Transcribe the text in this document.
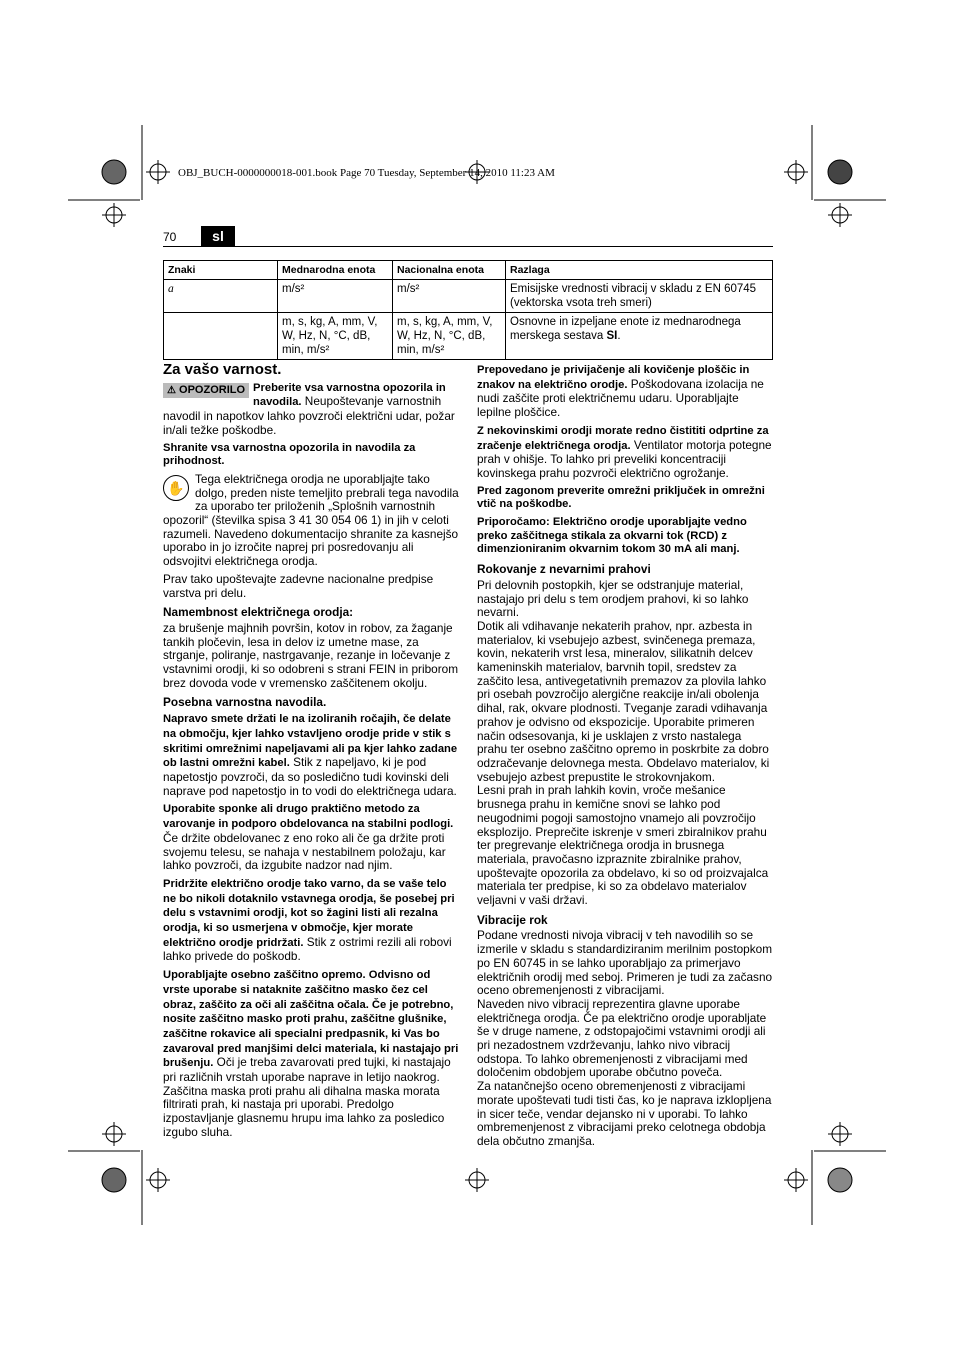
OBJ_BUCH-0000000018-001.book Page 70 Tuesday, September 14, 2010 11:23 AM
70	sl
Znaki	Mednarodna enota	Nacionalna enota	Razlaga
a	m/s²	m/s²	Emisijske vrednosti vibracij v skladu z EN 60745 (vektorska vsota treh smeri)
	m, s, kg, A, mm, V, W, Hz, N, °C, dB, min, m/s²	m, s, kg, A, mm, V, W, Hz, N, °C, dB, min, m/s²	Osnovne in izpeljane enote iz mednarodnega merskega sestava SI.
Za vašo varnost.

⚠ OPOZORILO Preberite vsa varnostna opozorila in navodila. Neupoštevanje varnostnih navodil in napotkov lahko povzroči električni udar, požar in/ali težke poškodbe.

Shranite vsa varnostna opozorila in navodila za prihodnost.

✋
Tega električnega orodja ne uporabljajte tako dolgo, preden niste temeljito prebrali tega navodila za uporabo ter priloženih „Splošnih varnostnih opozoril“ (številka spisa 3 41 30 054 06 1) in jih v celoti razumeli. Navedeno dokumentacijo shranite za kasnejšo uporabo in jo izročite naprej pri posredovanju ali odsvojitvi električnega orodja.

Prav tako upoštevajte zadevne nacionalne predpise varstva pri delu.

Namembnost električnega orodja:

za brušenje majhnih površin, kotov in robov, za žaganje tankih pločevin, lesa in delov iz umetne mase, za strganje, poliranje, nastrgavanje, rezanje in ločevanje z vstavnimi orodji, ki so odobreni s strani FEIN in priborom brez dovoda vode v vremensko zaščitenem okolju.

Posebna varnostna navodila.

Napravo smete držati le na izoliranih ročajih, če delate na območju, kjer lahko vstavljeno orodje pride v stik s skritimi omrežnimi napeljavami ali pa kjer lahko zadane ob lastni omrežni kabel. Stik z napeljavo, ki je pod napetostjo povzroči, da so posledično tudi kovinski deli naprave pod napetostjo in to vodi do električnega udara.

Uporabite sponke ali drugo praktično metodo za varovanje in podporo obdelovanca na stabilni podlogi. Če držite obdelovanec z eno roko ali če ga držite proti svojemu telesu, se nahaja v nestabilnem položaju, kar lahko povzroči, da izgubite nadzor nad njim.

Pridržite električno orodje tako varno, da se vaše telo ne bo nikoli dotaknilo vstavnega orodja, še posebej pri delu s vstavnimi orodji, kot so žagini listi ali rezalna orodja, ki so usmerjena v območje, kjer morate električno orodje pridržati. Stik z ostrimi rezili ali robovi lahko privede do poškodb.

Uporabljajte osebno zaščitno opremo. Odvisno od vrste uporabe si nataknite zaščitno masko čez cel obraz, zaščito za oči ali zaščitna očala. Če je potrebno, nosite zaščitno masko proti prahu, zaščitne glušnike, zaščitne rokavice ali specialni predpasnik, ki Vas bo zavaroval pred manjšimi delci materiala, ki nastajajo pri brušenju. Oči je treba zavarovati pred tujki, ki nastajajo pri različnih vrstah uporabe naprave in letijo naokrog. Zaščitna maska proti prahu ali dihalna maska morata filtrirati prah, ki nastaja pri uporabi. Predolgo izpostavljanje glasnemu hrupu ima lahko za posledico izgubo sluha.

Prepovedano je privijačenje ali kovičenje ploščic in znakov na električno orodje. Poškodovana izolacija ne nudi zaščite proti električnemu udaru. Uporabljajte lepilne ploščice.

Z nekovinskimi orodji morate redno čistititi odprtine za zračenje električnega orodja. Ventilator motorja potegne prah v ohišje. To lahko pri preveliki koncentraciji kovinskega prahu pozvroči električno ogrožanje.

Pred zagonom preverite omrežni priključek in omrežni vtič na poškodbe.

Priporočamo: Električno orodje uporabljajte vedno preko zaščitnega stikala za okvarni tok (RCD) z dimenzioniranim okvarnim tokom 30 mA ali manj.

Rokovanje z nevarnimi prahovi

Pri delovnih postopkih, kjer se odstranjuje material, nastajajo pri delu s tem orodjem prahovi, ki so lahko nevarni.

Dotik ali vdihavanje nekaterih prahov, npr. azbesta in materialov, ki vsebujejo azbest, svinčenega premaza, kovin, nekaterih vrst lesa, mineralov, silikatnih delcev kameninskih materialov, barvnih topil, sredstev za zaščito lesa, antivegetativnih premazov za plovila lahko pri osebah povzročijo alergične reakcije in/ali obolenja dihal, rak, okvare plodnosti. Tveganje zaradi vdihavanja prahov je odvisno od ekspozicije. Uporabite primeren način odsesovanja, ki je usklajen z vrsto nastalega prahu ter osebno zaščitno opremo in poskrbite za dobro odzračevanje delovnega mesta. Obdelavo materialov, ki vsebujejo azbest prepustite le strokovnjakom.

Lesni prah in prah lahkih kovin, vroče mešanice brusnega prahu in kemične snovi se lahko pod neugodnimi pogoji samostojno vnamejo ali povzročijo eksplozijo. Preprečite iskrenje v smeri zbiralnikov prahu ter pregrevanje električnega orodja in brusnega materiala, pravočasno izpraznite zbiralnike prahov, upoštevajte opozorila za obdelavo, ki so od proizvajalca materiala ter predpise, ki so za obdelavo materialov veljavni v vaši državi.

Vibracije rok

Podane vrednosti nivoja vibracij v teh navodilih so se izmerile v skladu s standardiziranim merilnim postopkom po EN 60745 in se lahko uporabljajo za primerjavo električnih orodij med seboj. Primeren je tudi za začasno oceno obremenjenosti z vibracijami.

Naveden nivo vibracij reprezentira glavne uporabe električnega orodja. Če pa električno orodje uporabljate še v druge namene, z odstopajočimi vstavnimi orodji ali pri nezadostnem vzdrževanju, lahko nivo vibracij odstopa. To lahko obremenjenosti z vibracijami med določenim obdobjem uporabe občutno poveča.

Za natančnejšo oceno obremenjenosti z vibracijami morate upoštevati tudi tisti čas, ko je naprava izklopljena in sicer teče, vendar dejansko ni v uporabi. To lahko ombremenjenost z vibracijami preko celotnega obdobja dela občutno zmanjša.
